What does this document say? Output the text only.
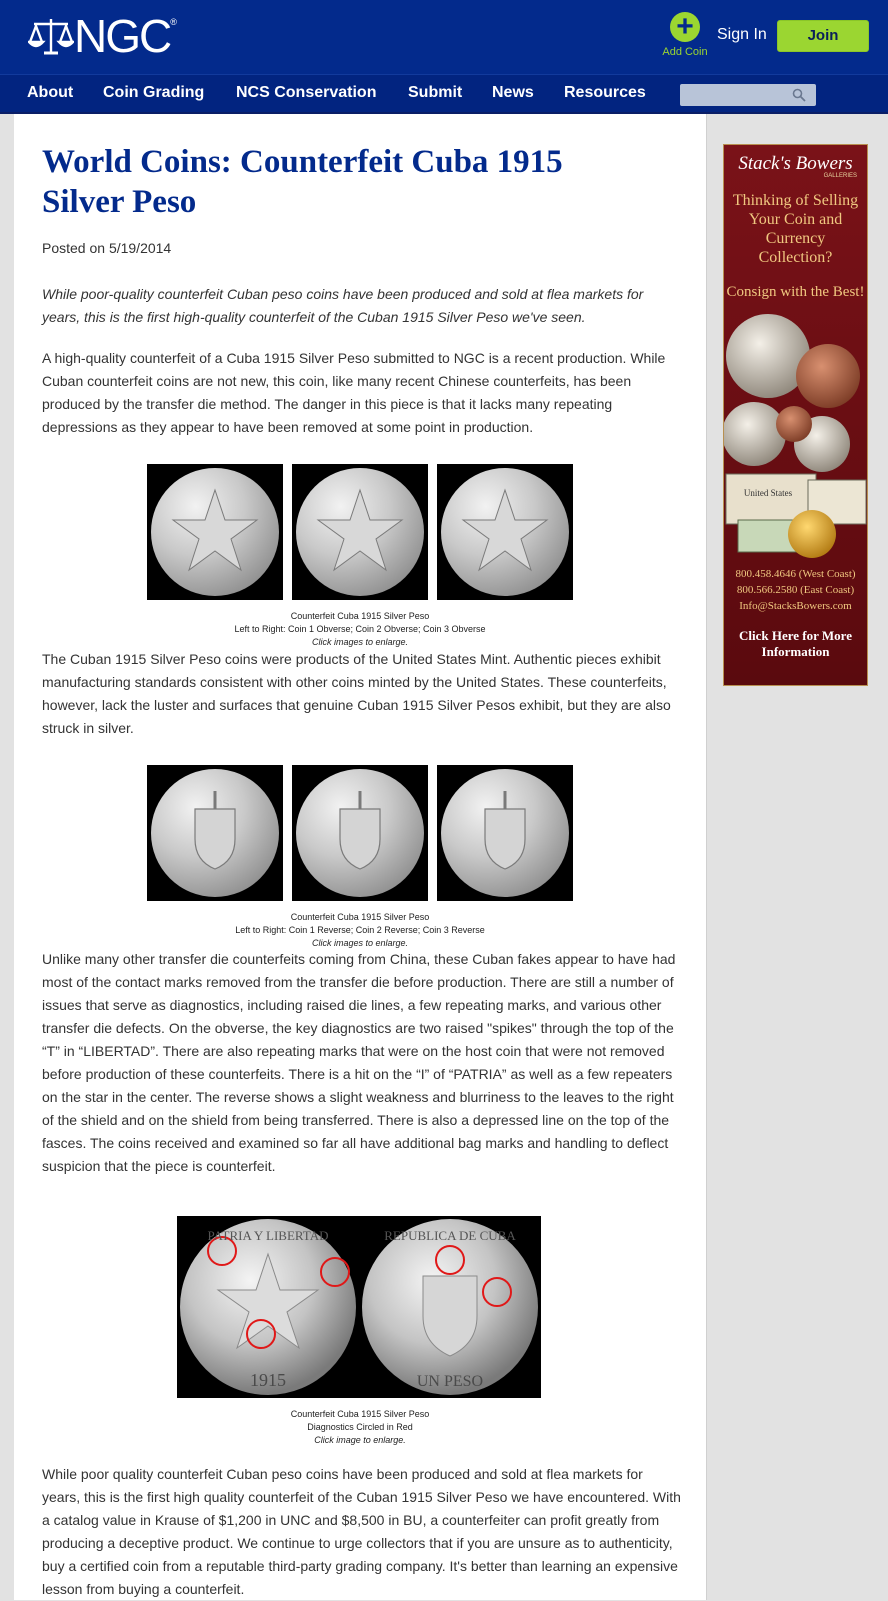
NGC ®	+
Add Coin
Sign In	Join
About Coin Grading NCS Conservation Submit News Resources
World Coins: Counterfeit Cuba 1915 Silver Peso
Posted on 5/19/2014

While poor-quality counterfeit Cuban peso coins have been produced and sold at flea markets for years, this is the first high-quality counterfeit of the Cuban 1915 Silver Peso we've seen.

A high-quality counterfeit of a Cuba 1915 Silver Peso submitted to NGC is a recent production. While Cuban counterfeit coins are not new, this coin, like many recent Chinese counterfeits, has been produced by the transfer die method. The danger in this piece is that it lacks many repeating depressions as they appear to have been removed at some point in production.

Counterfeit Cuba 1915 Silver Peso
Left to Right: Coin 1 Obverse; Coin 2 Obverse; Coin 3 Obverse
Click images to enlarge.

The Cuban 1915 Silver Peso coins were products of the United States Mint. Authentic pieces exhibit manufacturing standards consistent with other coins minted by the United States. These counterfeits, however, lack the luster and surfaces that genuine Cuban 1915 Silver Pesos exhibit, but they are also struck in silver.

Counterfeit Cuba 1915 Silver Peso
Left to Right: Coin 1 Reverse; Coin 2 Reverse; Coin 3 Reverse
Click images to enlarge.

Unlike many other transfer die counterfeits coming from China, these Cuban fakes appear to have had most of the contact marks removed from the transfer die before production. There are still a number of issues that serve as diagnostics, including raised die lines, a few repeating marks, and various other transfer die defects. On the obverse, the key diagnostics are two raised "spikes" through the top of the “T” in “LIBERTAD”. There are also repeating marks that were on the host coin that were not removed before production of these counterfeits. There is a hit on the “I” of “PATRIA” as well as a few repeaters on the star in the center. The reverse shows a slight weakness and blurriness to the leaves to the right of the shield and on the shield from being transferred. There is also a depressed line on the top of the fasces. The coins received and examined so far all have additional bag marks and handling to deflect suspicion that the piece is counterfeit.

1915	UN PESO
PATRIA Y LIBERTAD	REPUBLICA DE CUBA
Counterfeit Cuba 1915 Silver Peso
Diagnostics Circled in Red
Click image to enlarge.

While poor quality counterfeit Cuban peso coins have been produced and sold at flea markets for years, this is the first high quality counterfeit of the Cuban 1915 Silver Peso we have encountered. With a catalog value in Krause of $1,200 in UNC and $8,500 in BU, a counterfeiter can profit greatly from producing a deceptive product. We continue to urge collectors that if you are unsure as to authenticity, buy a certified coin from a reputable third-party grading company. It's better than learning an expensive lesson from buying a counterfeit.

Stack's Bowers
GALLERIES
Thinking of Selling Your Coin and Currency Collection?
Consign with the Best!
United States
800.458.4646 (West Coast)
800.566.2580 (East Coast)
Info@StacksBowers.com
Click Here for More Information
